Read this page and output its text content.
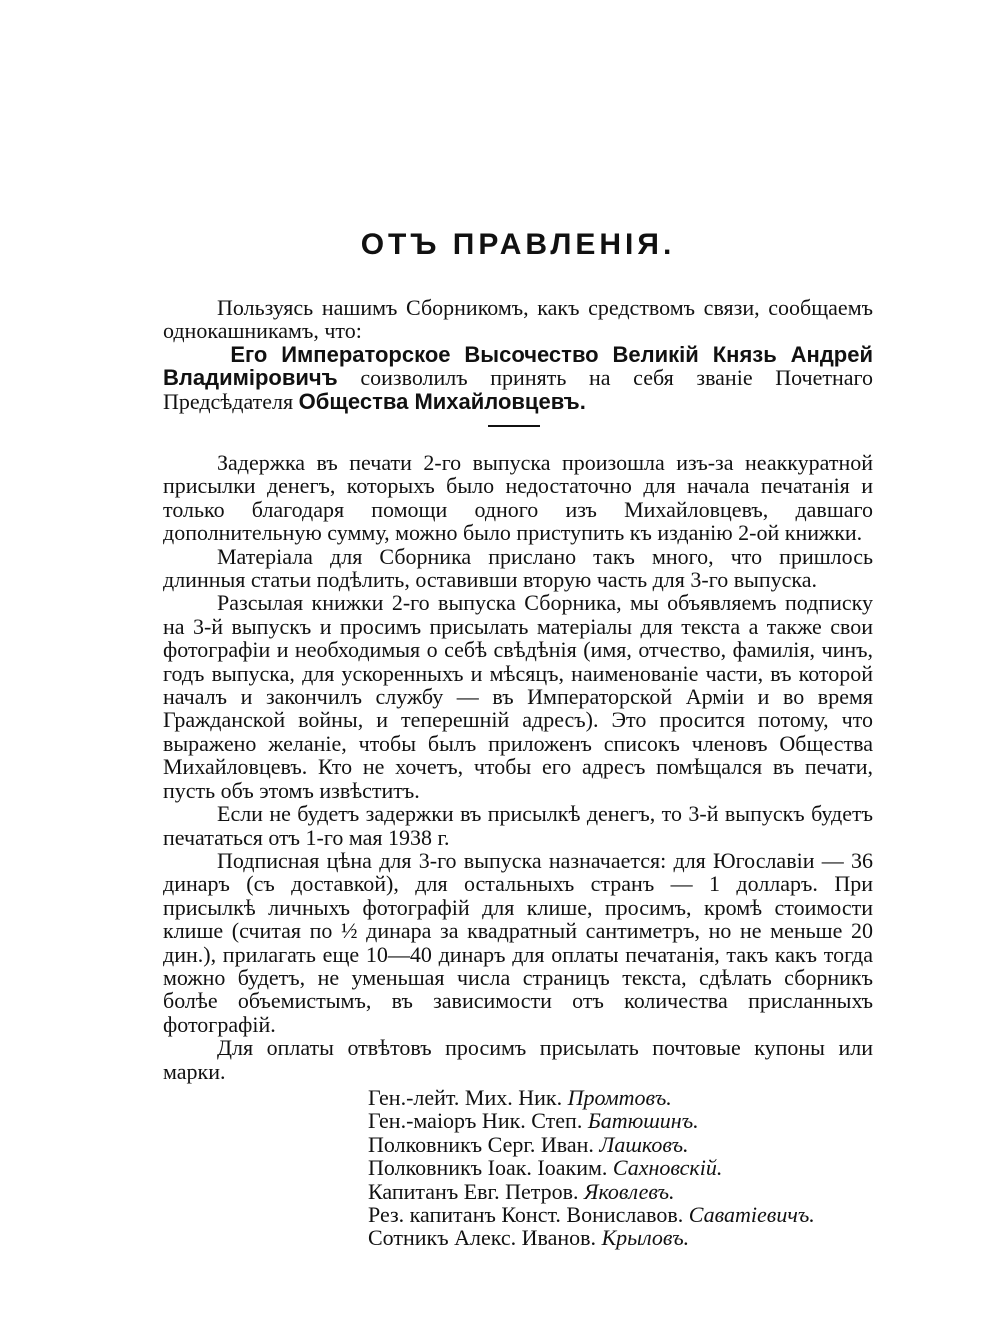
ОТЪ ПРАВЛЕНIЯ.
Пользуясь нашимъ Сборникомъ, какъ средствомъ связи, сообщаемъ однокашникамъ, что:
Его Императорское Высочество Великiй Князь Андрей Владимiровичъ соизволилъ принять на себя званiе Почетнаго Предсѣдателя Общества Михайловцевъ.
Задержка въ печати 2-го выпуска произошла изъ-за неаккуратной присылки денегъ, которыхъ было недостаточно для начала печатанiя и только благодаря помощи одного изъ Михайловцевъ, давшаго дополнительную сумму, можно было приступить къ изданiю 2-ой книжки.
Матерiала для Сборника прислано такъ много, что пришлось длинныя статьи подѣлить, оставивши вторую часть для 3-го выпуска.
Разсылая книжки 2-го выпуска Сборника, мы объявляемъ подписку на 3-й выпускъ и просимъ присылать матерiалы для текста а также свои фотографiи и необходимыя о себѣ свѣдѣнiя (имя, отчество, фамилiя, чинъ, годъ выпуска, для ускоренныхъ и мѣсяцъ, наименованiе части, въ которой началъ и закончилъ службу — въ Императорской Армiи и во время Гражданской войны, и теперешнiй адресъ). Это просится потому, что выражено желанiе, чтобы былъ приложенъ списокъ членовъ Общества Михайловцевъ. Кто не хочетъ, чтобы его адресъ помѣщался въ печати, пусть объ этомъ извѣститъ.
Если не будетъ задержки въ присылкѣ денегъ, то 3-й выпускъ будетъ печататься отъ 1-го мая 1938 г.
Подписная цѣна для 3-го выпуска назначается: для Югославiи — 36 динаръ (съ доставкой), для остальныхъ странъ — 1 долларъ. При присылкѣ личныхъ фотографiй для клише, просимъ, кромѣ стоимости клише (считая по ½ динара за квадратный сантиметръ, но не меньше 20 дин.), прилагать еще 10—40 динаръ для оплаты печатанiя, такъ какъ тогда можно будетъ, не уменьшая числа страницъ текста, сдѣлать сборникъ болѣе объемистымъ, въ зависимости отъ количества присланныхъ фотографiй.
Для оплаты отвѣтовъ просимъ присылать почтовые купоны или марки.
Ген.-лейт. Мих. Ник. Промтовъ.
Ген.-маiоръ Ник. Степ. Батюшинъ.
Полковникъ Серг. Иван. Лашковъ.
Полковникъ Iоак. Iоаким. Сахновскiй.
Капитанъ Евг. Петров. Яковлевъ.
Рез. капитанъ Конст. Вониславов. Саватiевичъ.
Сотникъ Алекс. Иванов. Крыловъ.
